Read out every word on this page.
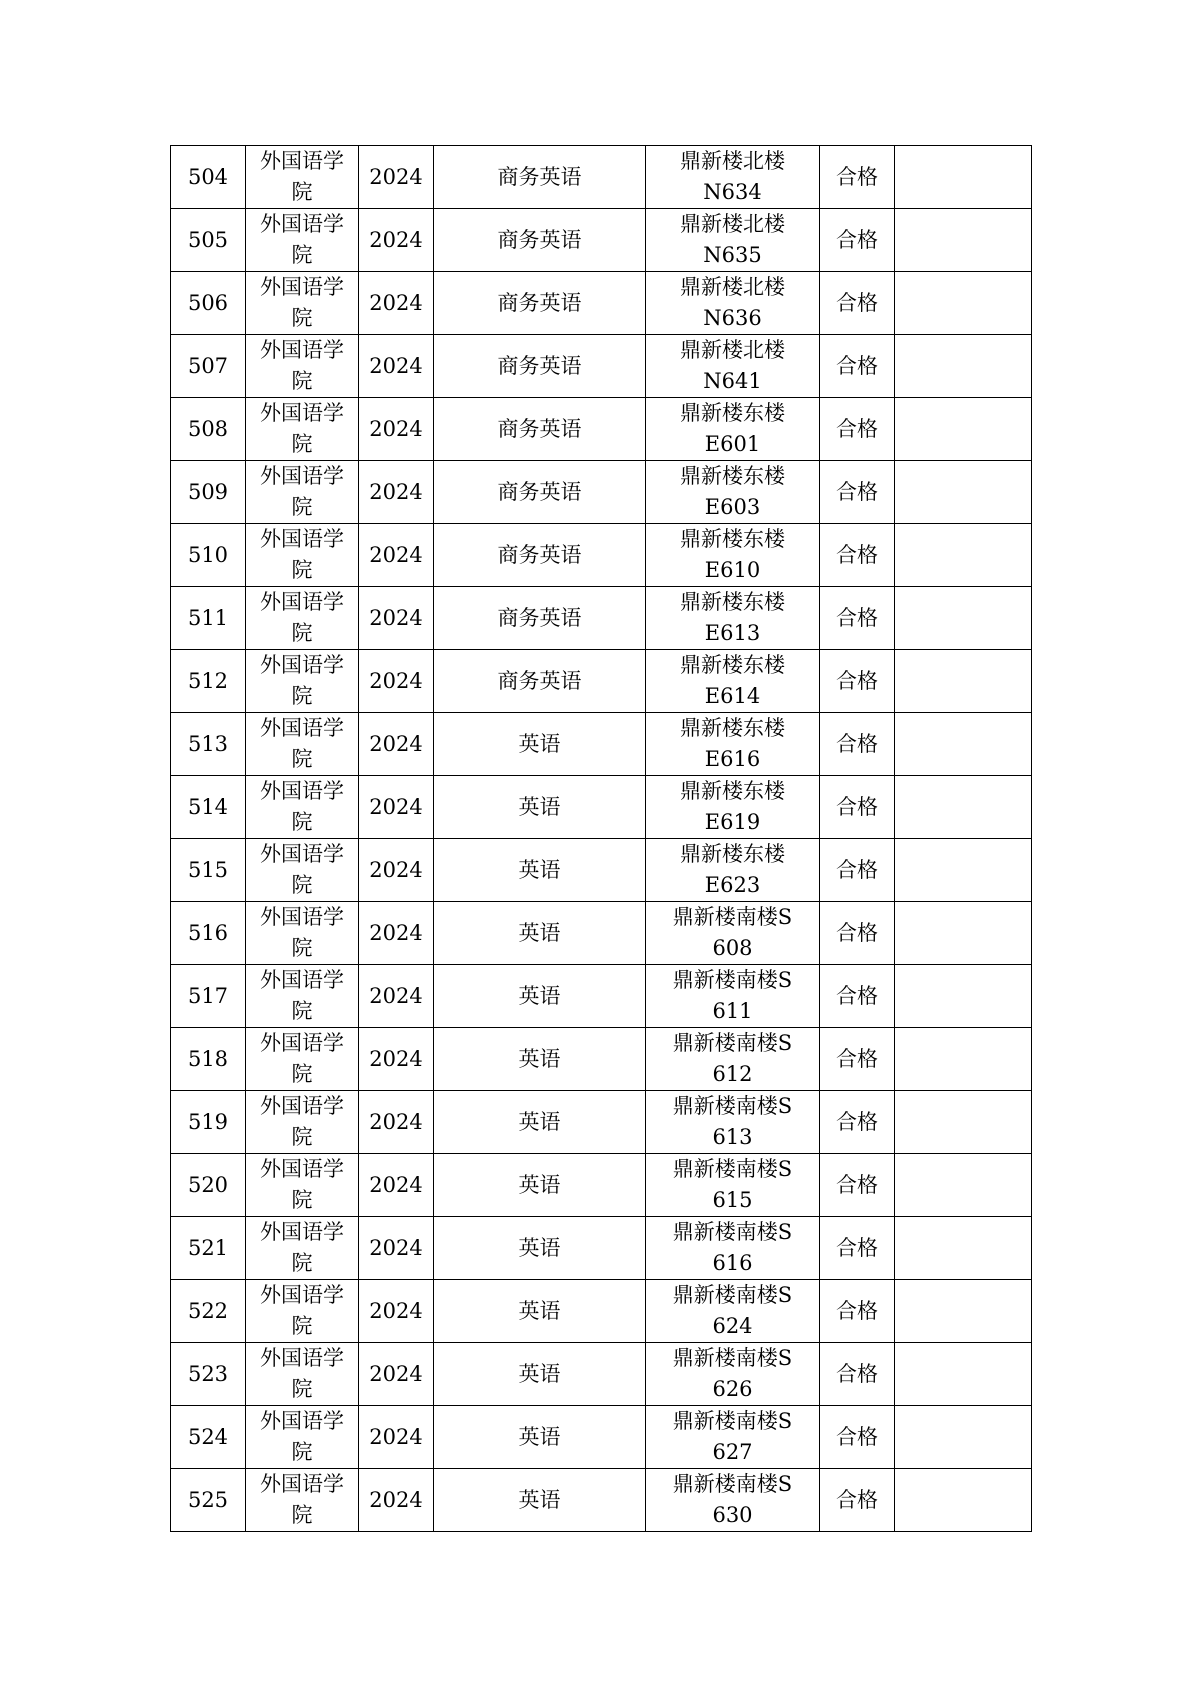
504	外国语学院	2024	商务英语	鼎新楼北楼N634	合格	
505	外国语学院	2024	商务英语	鼎新楼北楼N635	合格	
506	外国语学院	2024	商务英语	鼎新楼北楼N636	合格	
507	外国语学院	2024	商务英语	鼎新楼北楼N641	合格	
508	外国语学院	2024	商务英语	鼎新楼东楼E601	合格	
509	外国语学院	2024	商务英语	鼎新楼东楼E603	合格	
510	外国语学院	2024	商务英语	鼎新楼东楼E610	合格	
511	外国语学院	2024	商务英语	鼎新楼东楼E613	合格	
512	外国语学院	2024	商务英语	鼎新楼东楼E614	合格	
513	外国语学院	2024	英语	鼎新楼东楼E616	合格	
514	外国语学院	2024	英语	鼎新楼东楼E619	合格	
515	外国语学院	2024	英语	鼎新楼东楼E623	合格	
516	外国语学院	2024	英语	鼎新楼南楼S608	合格	
517	外国语学院	2024	英语	鼎新楼南楼S611	合格	
518	外国语学院	2024	英语	鼎新楼南楼S612	合格	
519	外国语学院	2024	英语	鼎新楼南楼S613	合格	
520	外国语学院	2024	英语	鼎新楼南楼S615	合格	
521	外国语学院	2024	英语	鼎新楼南楼S616	合格	
522	外国语学院	2024	英语	鼎新楼南楼S624	合格	
523	外国语学院	2024	英语	鼎新楼南楼S626	合格	
524	外国语学院	2024	英语	鼎新楼南楼S627	合格	
525	外国语学院	2024	英语	鼎新楼南楼S630	合格	
